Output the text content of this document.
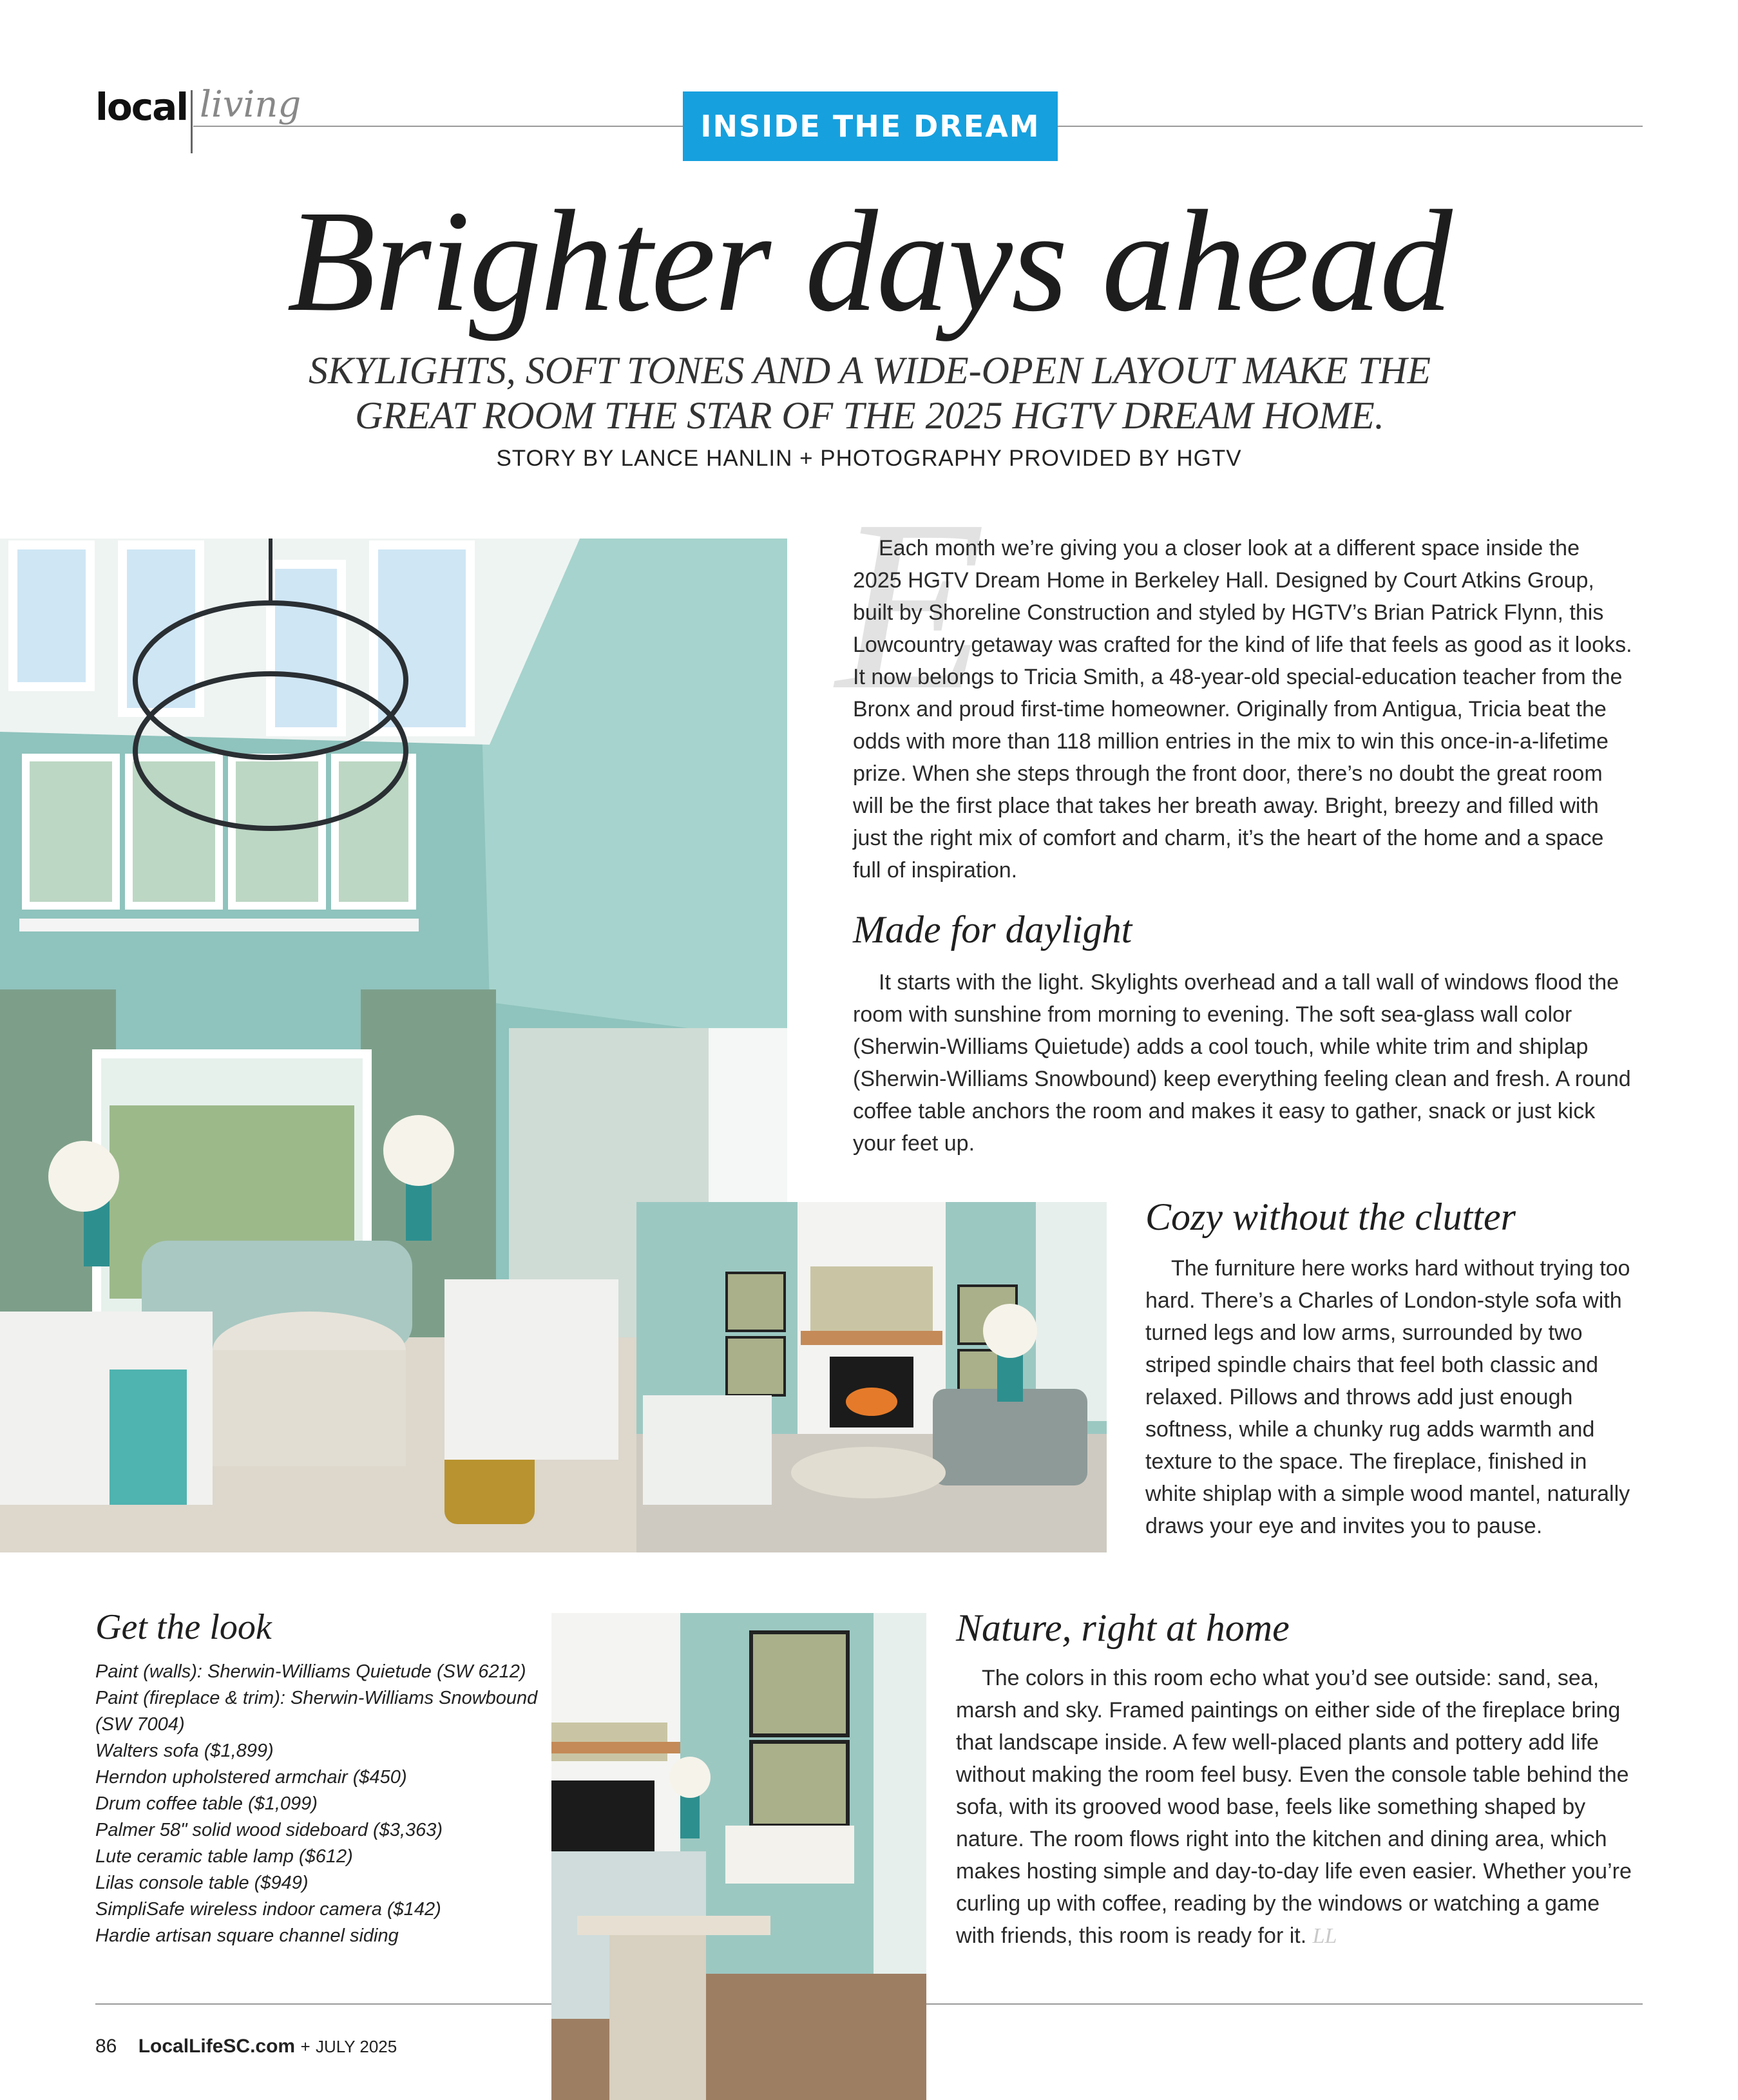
local living
INSIDE THE DREAM
Brighter days ahead
SKYLIGHTS, SOFT TONES AND A WIDE-OPEN LAYOUT MAKE THE
GREAT ROOM THE STAR OF THE 2025 HGTV DREAM HOME.
STORY BY LANCE HANLIN + PHOTOGRAPHY PROVIDED BY HGTV
E

Each month we’re giving you a closer look at a different space inside the 2025 HGTV Dream Home in Berkeley Hall. Designed by Court Atkins Group, built by Shoreline Construction and styled by HGTV’s Brian Patrick Flynn, this Lowcountry getaway was crafted for the kind of life that feels as good as it looks. It now belongs to Tricia Smith, a 48-year-old special-education teacher from the Bronx and proud first-time homeowner. Originally from Antigua, Tricia beat the odds with more than 118 million entries in the mix to win this once-in-a-lifetime prize. When she steps through the front door, there’s no doubt the great room will be the first place that takes her breath away. Bright, breezy and filled with just the right mix of comfort and charm, it’s the heart of the home and a space full of inspiration.

Made for daylight

It starts with the light. Skylights overhead and a tall wall of windows flood the room with sunshine from morning to evening. The soft sea-glass wall color (Sherwin-Williams Quietude) adds a cool touch, while white trim and shiplap (Sherwin-Williams Snowbound) keep everything feeling clean and fresh. A round coffee table anchors the room and makes it easy to gather, snack or just kick your feet up.

Cozy without the clutter

The furniture here works hard without trying too hard. There’s a Charles of London-style sofa with turned legs and low arms, surrounded by two striped spindle chairs that feel both classic and relaxed. Pillows and throws add just enough softness, while a chunky rug adds warmth and texture to the space. The fireplace, finished in white shiplap with a simple wood mantel, naturally draws your eye and invites you to pause.

Nature, right at home

The colors in this room echo what you’d see outside: sand, sea, marsh and sky. Framed paintings on either side of the fireplace bring that landscape inside. A few well-placed plants and pottery add life without making the room feel busy. Even the console table behind the sofa, with its grooved wood base, feels like something shaped by nature. The room flows right into the kitchen and dining area, which makes hosting simple and day-to-day life even easier. Whether you’re curling up with coffee, reading by the windows or watching a game with friends, this room is ready for it. LL

Get the look
Paint (walls): Sherwin-Williams Quietude (SW 6212)
Paint (fireplace & trim): Sherwin-Williams Snowbound (SW 7004)
Walters sofa ($1,899)
Herndon upholstered armchair ($450)
Drum coffee table ($1,099)
Palmer 58" solid wood sideboard ($3,363)
Lute ceramic table lamp ($612)
Lilas console table ($949)
SimpliSafe wireless indoor camera ($142)
Hardie artisan square channel siding
86 LocalLifeSC.com + JULY 2025
